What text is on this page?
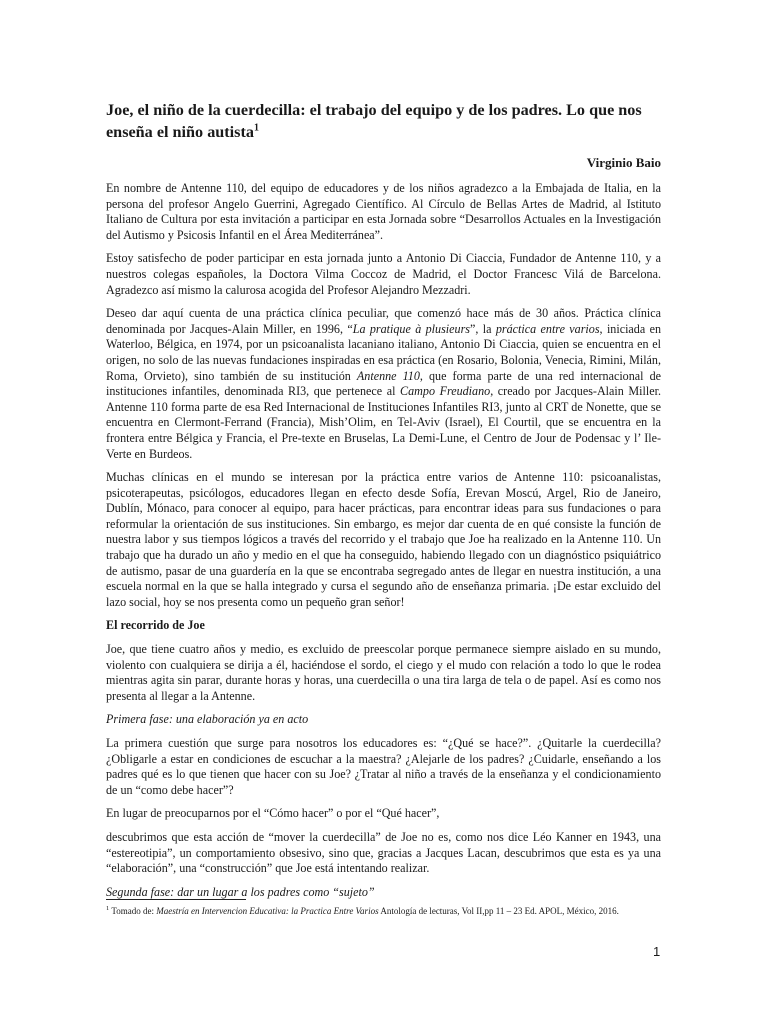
Joe, el niño de la cuerdecilla: el trabajo del equipo y de los padres. Lo que nos enseña el niño autista$^1$
Virginio Baio

En nombre de Antenne 110, del equipo de educadores y de los niños agradezco a la Embajada de Italia, en la persona del profesor Angelo Guerrini, Agregado Científico. Al Círculo de Bellas Artes de Madrid, al Istituto Italiano de Cultura por esta invitación a participar en esta Jornada sobre “Desarrollos Actuales en la Investigación del Autismo y Psicosis Infantil en el Área Mediterránea”.

Estoy satisfecho de poder participar en esta jornada junto a Antonio Di Ciaccia, Fundador de Antenne 110, y a nuestros colegas españoles, la Doctora Vilma Coccoz de Madrid, el Doctor Francesc Vilá de Barcelona. Agradezco así mismo la calurosa acogida del Profesor Alejandro Mezzadri.

Deseo dar aquí cuenta de una práctica clínica peculiar, que comenzó hace más de 30 años. Práctica clínica denominada por Jacques-Alain Miller, en 1996, “La pratique à plusieurs”, la práctica entre varios, iniciada en Waterloo, Bélgica, en 1974, por un psicoanalista lacaniano italiano, Antonio Di Ciaccia, quien se encuentra en el origen, no solo de las nuevas fundaciones inspiradas en esa práctica (en Rosario, Bolonia, Venecia, Rimini, Milán, Roma, Orvieto), sino también de su institución Antenne 110, que forma parte de una red internacional de instituciones infantiles, denominada RI3, que pertenece al Campo Freudiano, creado por Jacques-Alain Miller. Antenne 110 forma parte de esa Red Internacional de Instituciones Infantiles RI3, junto al CRT de Nonette, que se encuentra en Clermont-Ferrand (Francia), Mish’Olim, en Tel-Aviv (Israel), El Courtil, que se encuentra en la frontera entre Bélgica y Francia, el Pre-texte en Bruselas, La Demi-Lune, el Centro de Jour de Podensac y l’ Ile-Verte en Burdeos.

Muchas clínicas en el mundo se interesan por la práctica entre varios de Antenne 110: psicoanalistas, psicoterapeutas, psicólogos, educadores llegan en efecto desde Sofía, Erevan Moscú, Argel, Rio de Janeiro, Dublín, Mónaco, para conocer al equipo, para hacer prácticas, para encontrar ideas para sus fundaciones o para reformular la orientación de sus instituciones. Sin embargo, es mejor dar cuenta de en qué consiste la función de nuestra labor y sus tiempos lógicos a través del recorrido y el trabajo que Joe ha realizado en la Antenne 110. Un trabajo que ha durado un año y medio en el que ha conseguido, habiendo llegado con un diagnóstico psiquiátrico de autismo, pasar de una guardería en la que se encontraba segregado antes de llegar en nuestra institución, a una escuela normal en la que se halla integrado y cursa el segundo año de enseñanza primaria. ¡De estar excluido del lazo social, hoy se nos presenta como un pequeño gran señor!

El recorrido de Joe

Joe, que tiene cuatro años y medio, es excluido de preescolar porque permanece siempre aislado en su mundo, violento con cualquiera se dirija a él, haciéndose el sordo, el ciego y el mudo con relación a todo lo que le rodea mientras agita sin parar, durante horas y horas, una cuerdecilla o una tira larga de tela o de papel. Así es como nos presenta al llegar a la Antenne.

Primera fase: una elaboración ya en acto

La primera cuestión que surge para nosotros los educadores es: “¿Qué se hace?”. ¿Quitarle la cuerdecilla? ¿Obligarle a estar en condiciones de escuchar a la maestra? ¿Alejarle de los padres? ¿Cuidarle, enseñando a los padres qué es lo que tienen que hacer con su Joe? ¿Tratar al niño a través de la enseñanza y el condicionamiento de un “como debe hacer”?

En lugar de preocuparnos por el “Cómo hacer” o por el “Qué hacer”,

descubrimos que esta acción de “mover la cuerdecilla” de Joe no es, como nos dice Léo Kanner en 1943, una “estereotipia”, un comportamiento obsesivo, sino que, gracias a Jacques Lacan, descubrimos que esta es ya una “elaboración”, una “construcción” que Joe está intentando realizar.

Segunda fase: dar un lugar a los padres como “sujeto”

$^1$ Tomado de: Maestría en Intervencion Educativa: la Practica Entre Varios Antología de lecturas, Vol II,pp 11 – 23 Ed. APOL, México, 2016.
1
